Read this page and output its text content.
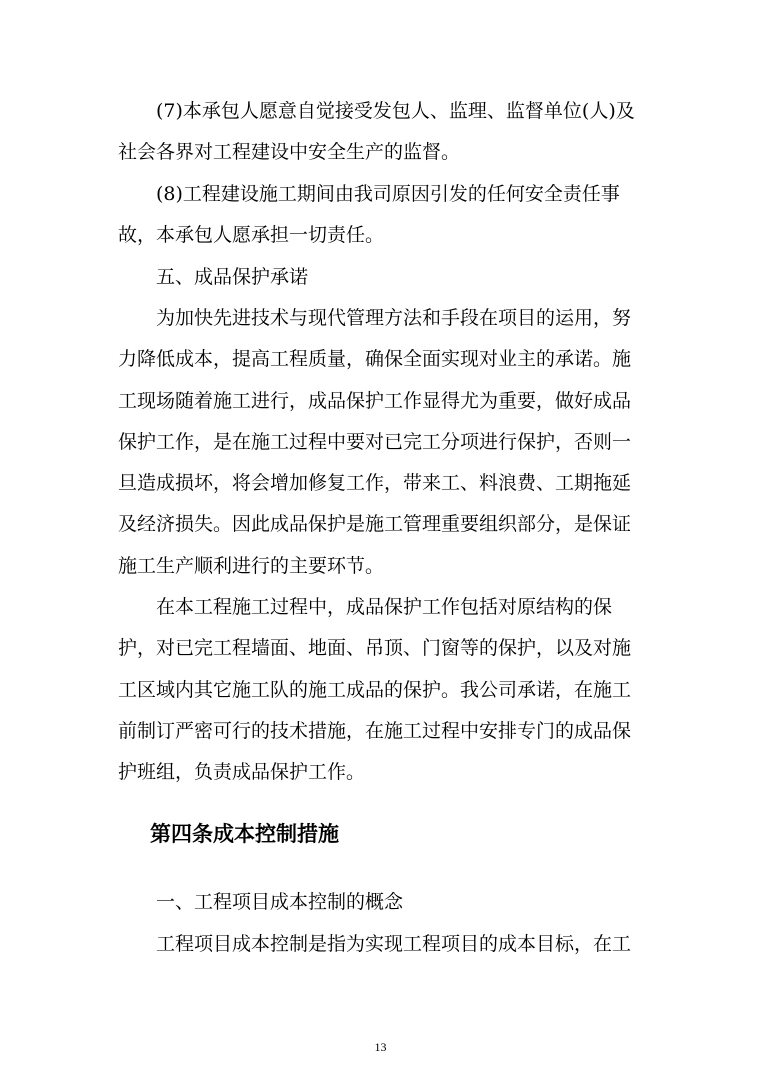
(7)本承包人愿意自觉接受发包人、监理、监督单位(人)及社会各界对工程建设中安全生产的监督。

(8)工程建设施工期间由我司原因引发的任何安全责任事故，本承包人愿承担一切责任。

五、成品保护承诺

为加快先进技术与现代管理方法和手段在项目的运用，努力降低成本，提高工程质量，确保全面实现对业主的承诺。施工现场随着施工进行，成品保护工作显得尤为重要，做好成品保护工作，是在施工过程中要对已完工分项进行保护，否则一旦造成损坏，将会增加修复工作，带来工、料浪费、工期拖延及经济损失。因此成品保护是施工管理重要组织部分，是保证施工生产顺利进行的主要环节。

在本工程施工过程中，成品保护工作包括对原结构的保护，对已完工程墙面、地面、吊顶、门窗等的保护，以及对施工区域内其它施工队的施工成品的保护。我公司承诺，在施工前制订严密可行的技术措施，在施工过程中安排专门的成品保护班组，负责成品保护工作。

第四条成本控制措施

一、工程项目成本控制的概念

工程项目成本控制是指为实现工程项目的成本目标，在工

13
